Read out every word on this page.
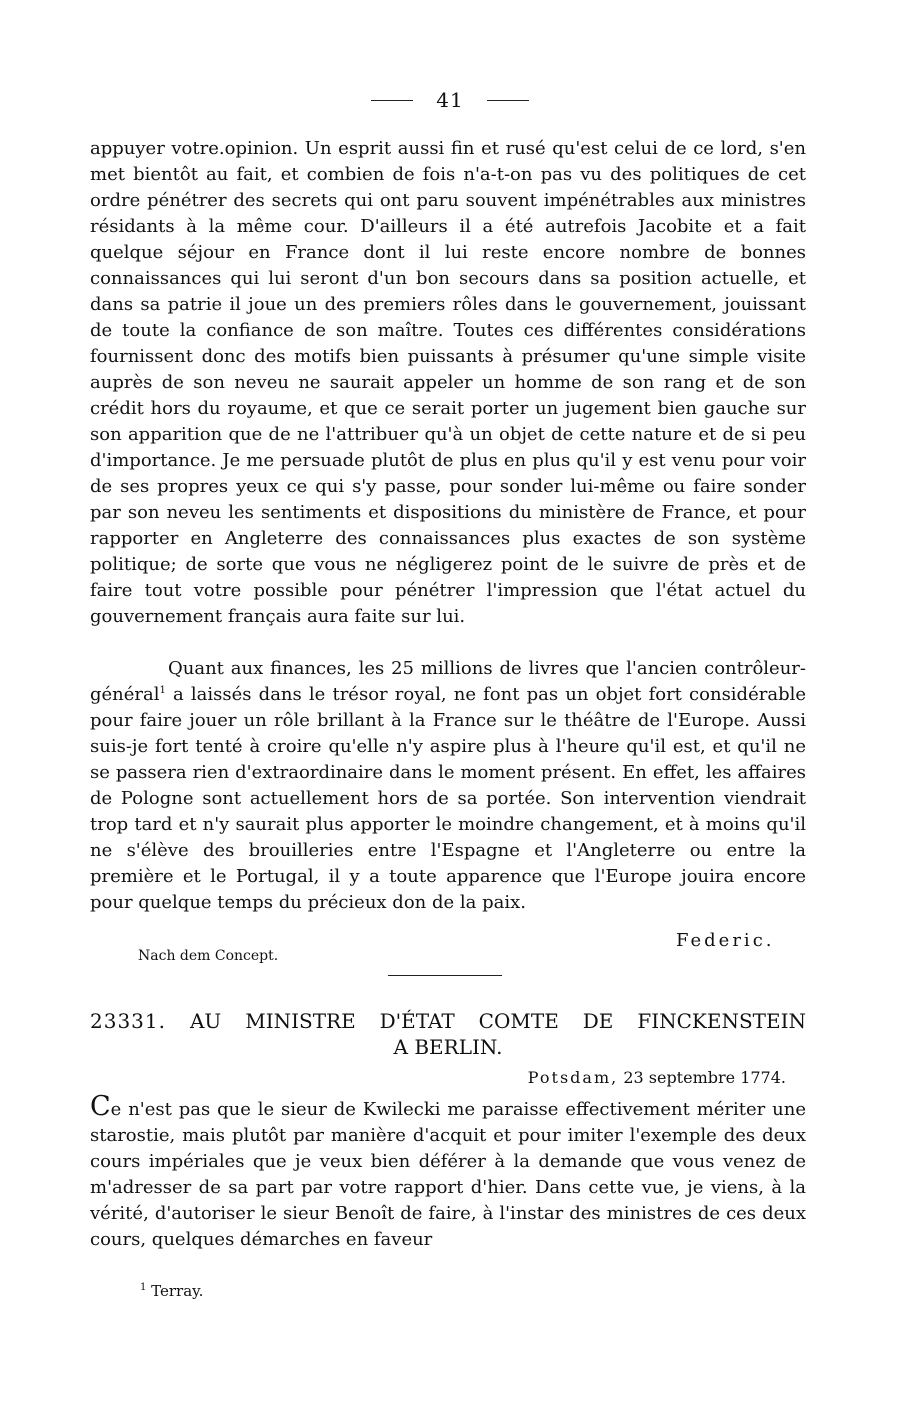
41
appuyer votre.opinion. Un esprit aussi fin et rusé qu'est celui de ce lord, s'en met bientôt au fait, et combien de fois n'a-t-on pas vu des politiques de cet ordre pénétrer des secrets qui ont paru souvent impénétrables aux ministres résidants à la même cour. D'ailleurs il a été autrefois Jacobite et a fait quelque séjour en France dont il lui reste encore nombre de bonnes connaissances qui lui seront d'un bon secours dans sa position actuelle, et dans sa patrie il joue un des premiers rôles dans le gouvernement, jouissant de toute la confiance de son maître. Toutes ces différentes considérations fournissent donc des motifs bien puissants à présumer qu'une simple visite auprès de son neveu ne saurait appeler un homme de son rang et de son crédit hors du royaume, et que ce serait porter un jugement bien gauche sur son apparition que de ne l'attribuer qu'à un objet de cette nature et de si peu d'importance. Je me persuade plutôt de plus en plus qu'il y est venu pour voir de ses propres yeux ce qui s'y passe, pour sonder lui-même ou faire sonder par son neveu les sentiments et dispositions du ministère de France, et pour rapporter en Angleterre des connaissances plus exactes de son système politique; de sorte que vous ne négligerez point de le suivre de près et de faire tout votre possible pour pénétrer l'impression que l'état actuel du gouvernement français aura faite sur lui.
Quant aux finances, les 25 millions de livres que l'ancien contrôleur-général$^1$ a laissés dans le trésor royal, ne font pas un objet fort considérable pour faire jouer un rôle brillant à la France sur le théâtre de l'Europe. Aussi suis-je fort tenté à croire qu'elle n'y aspire plus à l'heure qu'il est, et qu'il ne se passera rien d'extraordinaire dans le moment présent. En effet, les affaires de Pologne sont actuellement hors de sa portée. Son intervention viendrait trop tard et n'y saurait plus apporter le moindre changement, et à moins qu'il ne s'élève des brouilleries entre l'Espagne et l'Angleterre ou entre la première et le Portugal, il y a toute apparence que l'Europe jouira encore pour quelque temps du précieux don de la paix.
Federic.
Nach dem Concept.
23331. AU MINISTRE D'ÉTAT COMTE DE FINCKENSTEIN
A BERLIN.
Potsdam, 23 septembre 1774.
Ce n'est pas que le sieur de Kwilecki me paraisse effectivement mériter une starostie, mais plutôt par manière d'acquit et pour imiter l'exemple des deux cours impériales que je veux bien déférer à la demande que vous venez de m'adresser de sa part par votre rapport d'hier. Dans cette vue, je viens, à la vérité, d'autoriser le sieur Benoît de faire, à l'instar des ministres de ces deux cours, quelques démarches en faveur
$^1$ Terray.
